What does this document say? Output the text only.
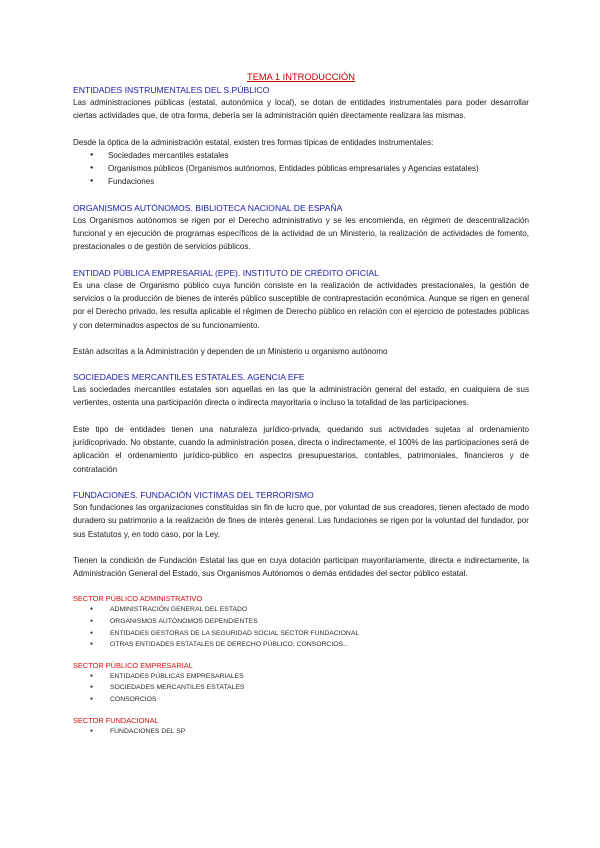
TEMA 1 INTRODUCCIÓN
ENTIDADES INSTRUMENTALES DEL S.PÚBLICO
Las administraciones públicas (estatal, autonómica y local), se dotan de entidades instrumentales para poder desarrollar ciertas actividades que, de otra forma, debería ser la administración quién directamente realizara las mismas.
Desde la óptica de la administración estatal, existen tres formas típicas de entidades instrumentales:
● Sociedades mercantiles estatales
● Organismos públicos (Organismos autónomos, Entidades públicas empresariales y Agencias estatales)
● Fundaciones
ORGANISMOS AUTÓNOMOS. BIBLIOTECA NACIONAL DE ESPAÑA
Los Organismos autónomos se rigen por el Derecho administrativo y se les encomienda, en régimen de descentralización funcional y en ejecución de programas específicos de la actividad de un Ministerio, la realización de actividades de fomento, prestacionales o de gestión de servicios públicos.
ENTIDAD PÚBLICA EMPRESARIAL (EPE). INSTITUTO DE CRÉDITO OFICIAL
Es una clase de Organismo público cuya función consiste en la realización de actividades prestacionales, la gestión de servicios o la producción de bienes de interés público susceptible de contraprestación económica. Aunque se rigen en general por el Derecho privado, les resulta aplicable el régimen de Derecho público en relación con el ejercicio de potestades públicas y con determinados aspectos de su funcionamiento.
Están adscritas a la Administración y dependen de un Ministerio u organismo autónomo
SOCIEDADES MERCANTILES ESTATALES. AGENCIA EFE
Las sociedades mercantiles estatales son aquellas en las que la administración general del estado, en cualquiera de sus vertientes, ostenta una participación directa o indirecta mayoritaria o incluso la totalidad de las participaciones.
Este tipo de entidades tienen una naturaleza jurídico-privada, quedando sus actividades sujetas al ordenamiento jurídicoprivado. No obstante, cuando la administración posea, directa o indirectamente, el 100% de las participaciones será de aplicación el ordenamiento jurídico-público en aspectos presupuestarios, contables, patrimoniales, financieros y de contratación
FUNDACIONES. FUNDACIÓN VICTIMAS DEL TERRORISMO
Son fundaciones las organizaciones constituidas sin fin de lucro que, por voluntad de sus creadores, tienen afectado de modo duradero su patrimonio a la realización de fines de interés general. Las fundaciones se rigen por la voluntad del fundador, por sus Estatutos y, en todo caso, por la Ley.
Tienen la condición de Fundación Estatal las que en cuya dotación participan mayoritariamente, directa e indirectamente, la Administración General del Estado, sus Organismos Autónomos o demás entidades del sector público estatal.
SECTOR PÚBLICO ADMINISTRATIVO
● ADMINISTRACIÓN GENERAL DEL ESTADO
● ORGANISMOS AUTÓNOMOS DEPENDIENTES
● ENTIDADES GESTORAS DE LA SEGURIDAD SOCIAL SECTOR FUNDACIONAL
● OTRAS ENTIDADES ESTATALES DE DERECHO PÚBLICO, CONSORCIOS...
SECTOR PÚBLICO EMPRESARIAL
● ENTIDADES PÚBLICAS EMPRESARIALES
● SOCIEDADES MERCANTILES ESTATALES
● CONSORCIOS
SECTOR FUNDACIONAL
● FUNDACIONES DEL SP
